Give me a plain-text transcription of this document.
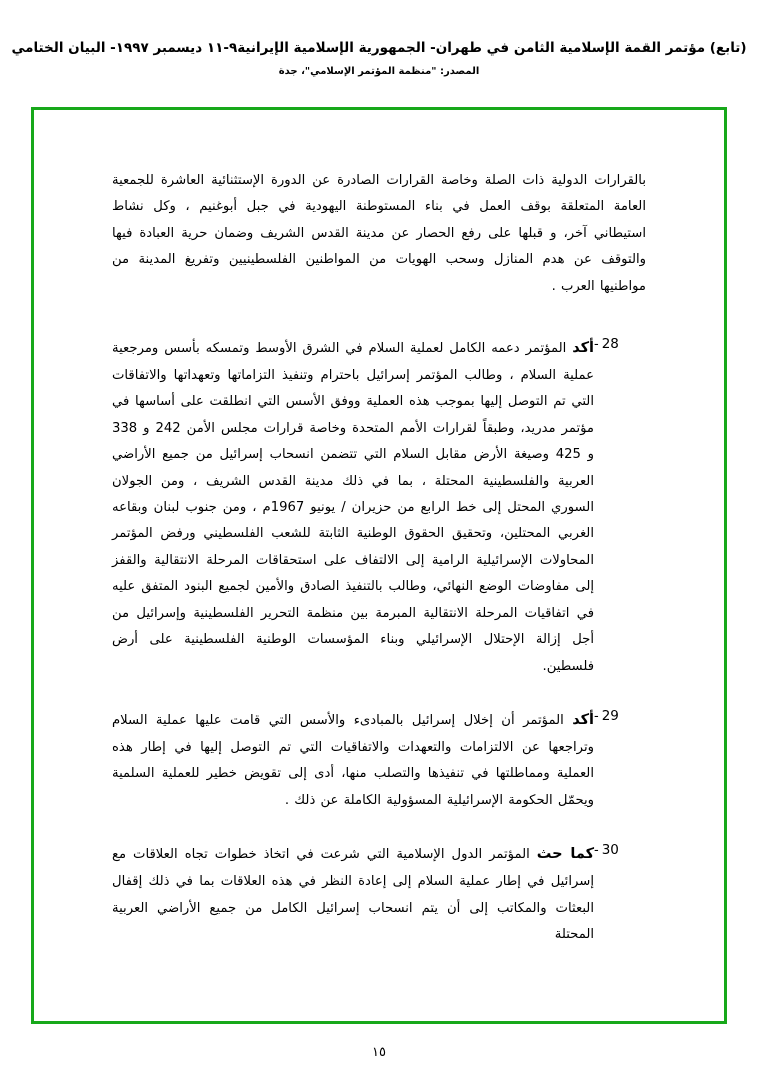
(تابع) مؤتمر القمة الإسلامية الثامن في طهران- الجمهورية الإسلامية الإيرانية٩-١١ ديسمبر ١٩٩٧- البيان الختامي
المصدر: "منظمة المؤتمر الإسلامي"، جدة
بالقرارات الدولية ذات الصلة وخاصة القرارات الصادرة عن الدورة الإستثنائية العاشرة للجمعية العامة المتعلقة بوقف العمل في بناء المستوطنة اليهودية في جبل أبوغنيم ، وكل نشاط استيطاني آخر، و قبلها على رفع الحصار عن مدينة القدس الشريف وضمان حرية العبادة فيها والتوقف عن هدم المنازل وسحب الهويات من المواطنين الفلسطينيين وتفريغ المدينة من مواطنيها العرب .
28-
أكد المؤتمر دعمه الكامل لعملية السلام في الشرق الأوسط وتمسكه بأسس ومرجعية عملية السلام ، وطالب المؤتمر إسرائيل باحترام وتنفيذ التزاماتها وتعهداتها والاتفاقات التي تم التوصل إليها بموجب هذه العملية ووفق الأسس التي انطلقت على أساسها في مؤتمر مدريد، وطبقاً لقرارات الأمم المتحدة وخاصة قرارات مجلس الأمن 242 و 338 و 425 وصيغة الأرض مقابل السلام التي تتضمن انسحاب إسرائيل من جميع الأراضي العربية والفلسطينية المحتلة ، بما في ذلك مدينة القدس الشريف ، ومن الجولان السوري المحتل إلى خط الرابع من حزيران / يونيو 1967م ، ومن جنوب لبنان وبقاعه الغربي المحتلين، وتحقيق الحقوق الوطنية الثابتة للشعب الفلسطيني ورفض المؤتمر المحاولات الإسرائيلية الرامية إلى الالتفاف على استحقاقات المرحلة الانتقالية والقفز إلى مفاوضات الوضع النهائي، وطالب بالتنفيذ الصادق والأمين لجميع البنود المتفق عليه في اتفاقيات المرحلة الانتقالية المبرمة بين منظمة التحرير الفلسطينية وإسرائيل من أجل إزالة الإحتلال الإسرائيلي وبناء المؤسسات الوطنية الفلسطينية على أرض فلسطين.
29-
أكد المؤتمر أن إخلال إسرائيل بالمبادىء والأسس التي قامت عليها عملية السلام وتراجعها عن الالتزامات والتعهدات والاتفاقيات التي تم التوصل إليها في إطار هذه العملية ومماطلتها في تنفيذها والتصلب منها، أدى إلى تقويض خطير للعملية السلمية ويحمّل الحكومة الإسرائيلية المسؤولية الكاملة عن ذلك .
30-
كما حث المؤتمر الدول الإسلامية التي شرعت في اتخاذ خطوات تجاه العلاقات مع إسرائيل في إطار عملية السلام إلى إعادة النظر في هذه العلاقات بما في ذلك إقفال البعثات والمكاتب إلى أن يتم انسحاب إسرائيل الكامل من جميع الأراضي العربية المحتلة
١٥
